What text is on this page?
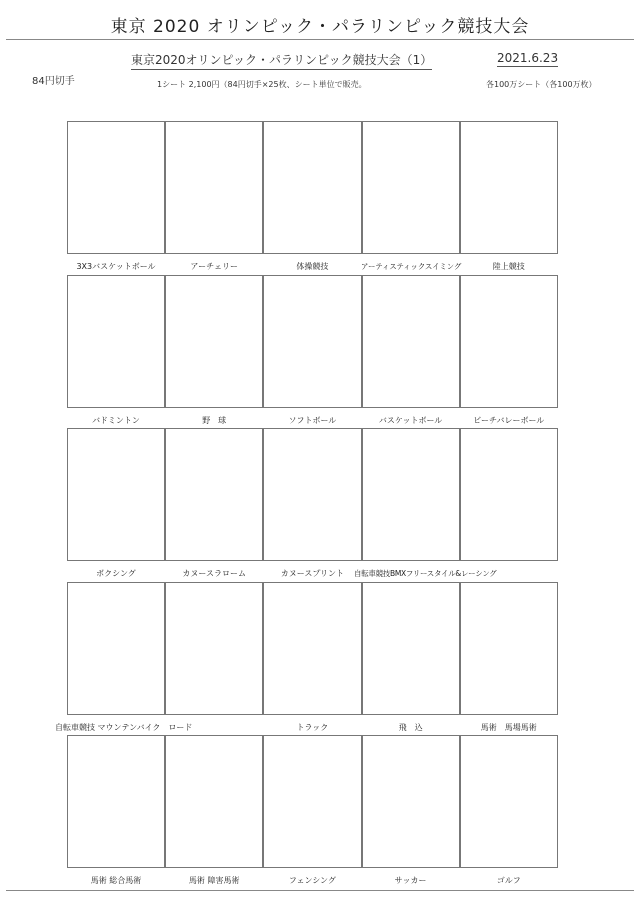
東京 2020 オリンピック・パラリンピック競技大会
東京2020オリンピック・パラリンピック競技大会（1）	2021.6.23
84円切手	1シート 2,100円（84円切手×25枚、シート単位で販売。	各100万シート（各100万枚）
3X3バスケットボール	アーチェリー	体操競技	アーティスティックスイミング	陸上競技
バドミントン	野　球	ソフトボール	バスケットボール	ビーチバレーボール
ボクシング	カヌースラローム	カヌースプリント	自転車競技BMXフリースタイル&レーシング
自転車競技 マウンテンバイク　ロード	トラック	飛　込	馬術　馬場馬術
馬術 総合馬術	馬術 障害馬術	フェンシング	サッカー	ゴルフ
